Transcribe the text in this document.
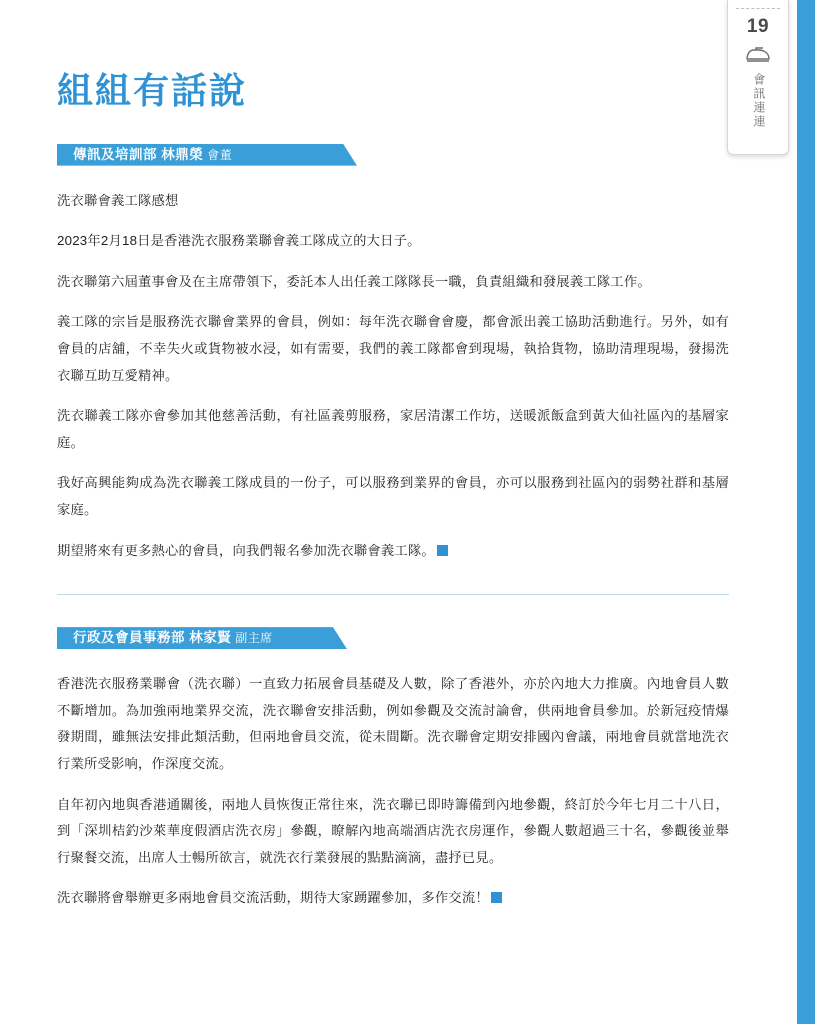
19
會訊連連
組組有話說
傳訊及培訓部 林鼎榮 會董

洗衣聯會義工隊感想

2023年2月18日是香港洗衣服務業聯會義工隊成立的大日子。

洗衣聯第六屆董事會及在主席帶領下，委託本人出任義工隊隊長一職，負責組織和發展義工隊工作。

義工隊的宗旨是服務洗衣聯會業界的會員，例如：每年洗衣聯會會慶，都會派出義工協助活動進行。另外，如有會員的店舖，不幸失火或貨物被水浸，如有需要，我們的義工隊都會到現場，執拾貨物，協助清理現場，發揚洗衣聯互助互愛精神。

洗衣聯義工隊亦會參加其他慈善活動，有社區義剪服務，家居清潔工作坊，送暖派飯盒到黃大仙社區內的基層家庭。

我好高興能夠成為洗衣聯義工隊成員的一份子，可以服務到業界的會員，亦可以服務到社區內的弱勢社群和基層家庭。

期望將來有更多熱心的會員，向我們報名參加洗衣聯會義工隊。

行政及會員事務部 林家賢 副主席

香港洗衣服務業聯會（洗衣聯）一直致力拓展會員基礎及人數，除了香港外，亦於內地大力推廣。內地會員人數不斷增加。為加強兩地業界交流，洗衣聯會安排活動，例如參觀及交流討論會，供兩地會員參加。於新冠疫情爆發期間，雖無法安排此類活動，但兩地會員交流，從未間斷。洗衣聯會定期安排國內會議，兩地會員就當地洗衣行業所受影响，作深度交流。

自年初內地與香港通關後，兩地人員恢復正常往來，洗衣聯已即時籌備到內地參觀，終訂於今年七月二十八日，到「深圳桔釣沙萊華度假酒店洗衣房」參觀，瞭解內地高端酒店洗衣房運作，參觀人數超過三十名，參觀後並舉行聚餐交流，出席人士暢所欲言，就洗衣行業發展的點點滴滴，盡抒已見。

洗衣聯將會舉辦更多兩地會員交流活動，期待大家踴躍參加，多作交流！
